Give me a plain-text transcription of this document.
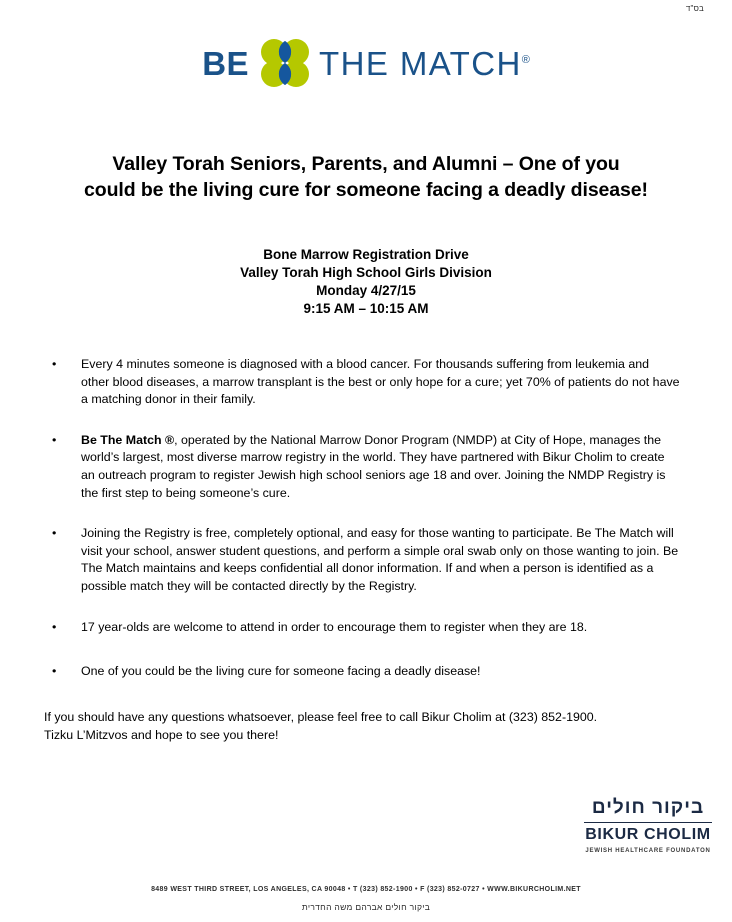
בס"ד
BE THE MATCH®
Valley Torah Seniors, Parents, and Alumni – One of you
could be the living cure for someone facing a deadly disease!
Bone Marrow Registration Drive
Valley Torah High School Girls Division
Monday 4/27/15
9:15 AM – 10:15 AM
• Every 4 minutes someone is diagnosed with a blood cancer. For thousands suffering from leukemia and other blood diseases, a marrow transplant is the best or only hope for a cure; yet 70% of patients do not have a matching donor in their family.
• Be The Match ®, operated by the National Marrow Donor Program (NMDP) at City of Hope, manages the world’s largest, most diverse marrow registry in the world. They have partnered with Bikur Cholim to create an outreach program to register Jewish high school seniors age 18 and over. Joining the NMDP Registry is the first step to being someone’s cure.
• Joining the Registry is free, completely optional, and easy for those wanting to participate. Be The Match will visit your school, answer student questions, and perform a simple oral swab only on those wanting to join. Be The Match maintains and keeps confidential all donor information. If and when a person is identified as a possible match they will be contacted directly by the Registry.
• 17 year-olds are welcome to attend in order to encourage them to register when they are 18.
• One of you could be the living cure for someone facing a deadly disease!
If you should have any questions whatsoever, please feel free to call Bikur Cholim at (323) 852-1900.
Tizku L’Mitzvos and hope to see you there!
ביקור חולים
BIKUR CHOLIM
JEWISH HEALTHCARE FOUNDATON
8489 WEST THIRD STREET, LOS ANGELES, CA 90048 • T (323) 852-1900 • F (323) 852-0727 • WWW.BIKURCHOLIM.NET
ביקור חולים אברהם משה החדרית
